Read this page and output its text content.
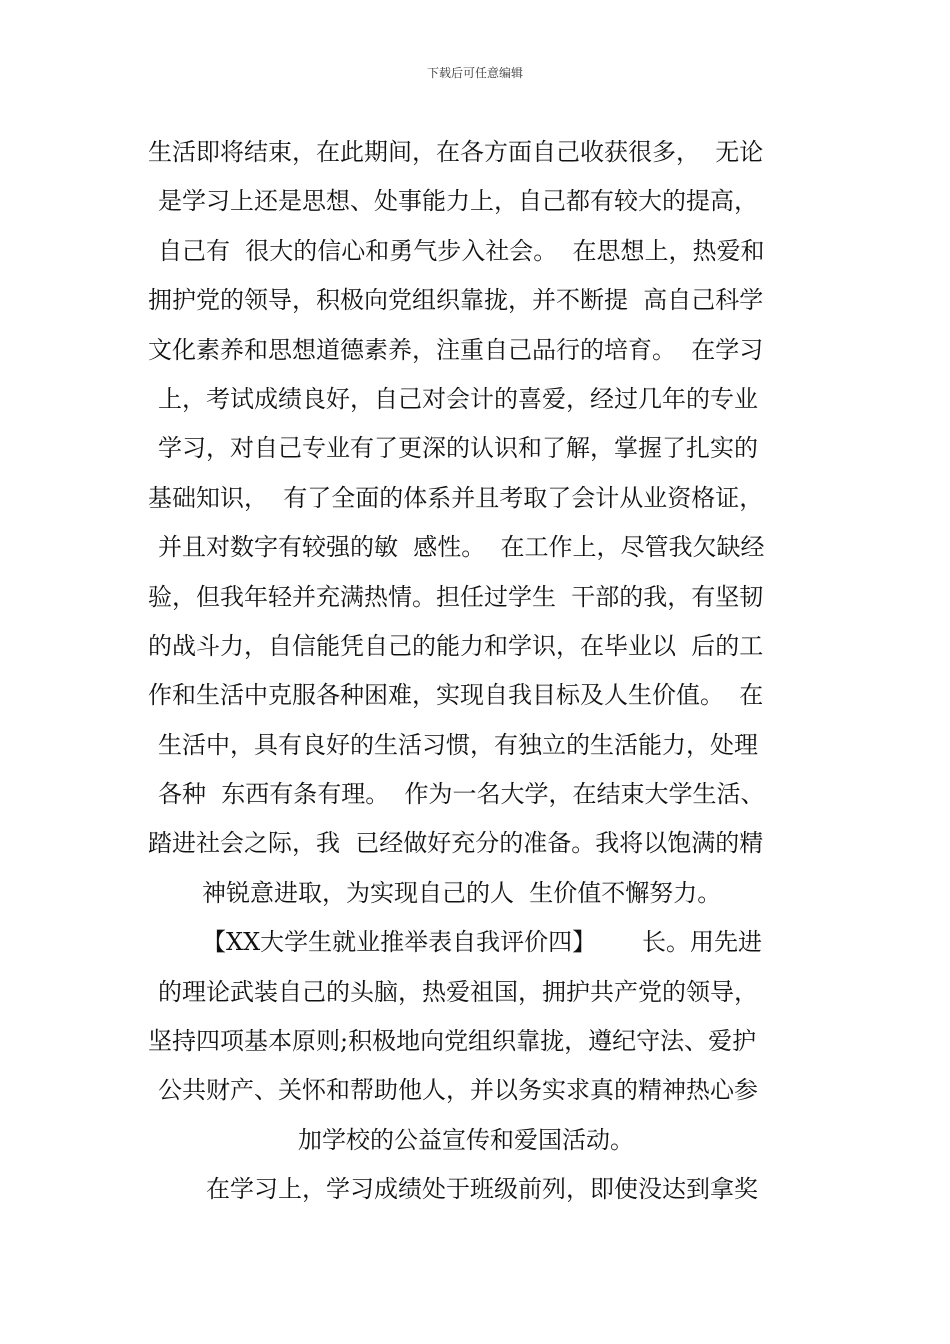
下载后可任意编辑
生活即将结束，在此期间，在各方面自己收获很多，  无论
是学习上还是思想、处事能力上，自己都有较大的提高，
自己有  很大的信心和勇气步入社会。  在思想上，热爱和
拥护党的领导，积极向党组织靠拢，并不断提  高自己科学
文化素养和思想道德素养，注重自己品行的培育。  在学习
上，考试成绩良好，自己对会计的喜爱，经过几年的专业
学习，对自己专业有了更深的认识和了解，掌握了扎实的
基础知识，  有了全面的体系并且考取了会计从业资格证，
并且对数字有较强的敏  感性。  在工作上，尽管我欠缺经
验，但我年轻并充满热情。担任过学生  干部的我，有坚韧
的战斗力，自信能凭自己的能力和学识，在毕业以  后的工
作和生活中克服各种困难，实现自我目标及人生价值。  在
生活中，具有良好的生活习惯，有独立的生活能力，处理
各种  东西有条有理。  作为一名大学，在结束大学生活、
踏进社会之际，我  已经做好充分的准备。我将以饱满的精
神锐意进取，为实现自己的人  生价值不懈努力。
【XX大学生就业推举表自我评价四】      长。用先进
的理论武装自己的头脑，热爱祖国，拥护共产党的领导，
坚持四项基本原则;积极地向党组织靠拢，遵纪守法、爱护
公共财产、关怀和帮助他人，并以务实求真的精神热心参
加学校的公益宣传和爱国活动。
在学习上，学习成绩处于班级前列，即使没达到拿奖
